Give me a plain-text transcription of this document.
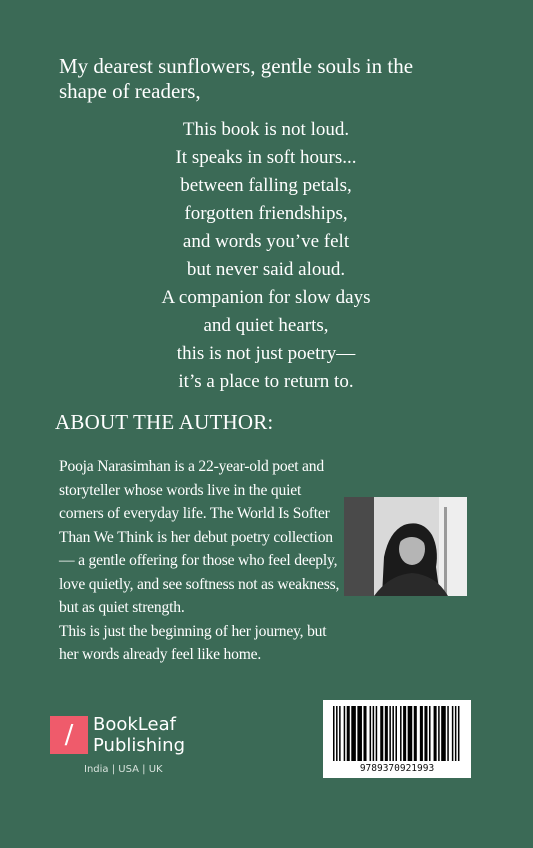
My dearest sunflowers, gentle souls in the
shape of readers,
This book is not loud.
It speaks in soft hours...
between falling petals,
forgotten friendships,
and words you’ve felt
but never said aloud.
A companion for slow days
and quiet hearts,
this is not just poetry—
it’s a place to return to.
ABOUT THE AUTHOR:
Pooja Narasimhan is a 22-year-old poet and
storyteller whose words live in the quiet
corners of everyday life. The World Is Softer
Than We Think is her debut poetry collection
— a gentle offering for those who feel deeply,
love quietly, and see softness not as weakness,
but as quiet strength.
This is just the beginning of her journey, but
her words already feel like home.
/	BookLeaf
Publishing
India | USA | UK	9789370921993
